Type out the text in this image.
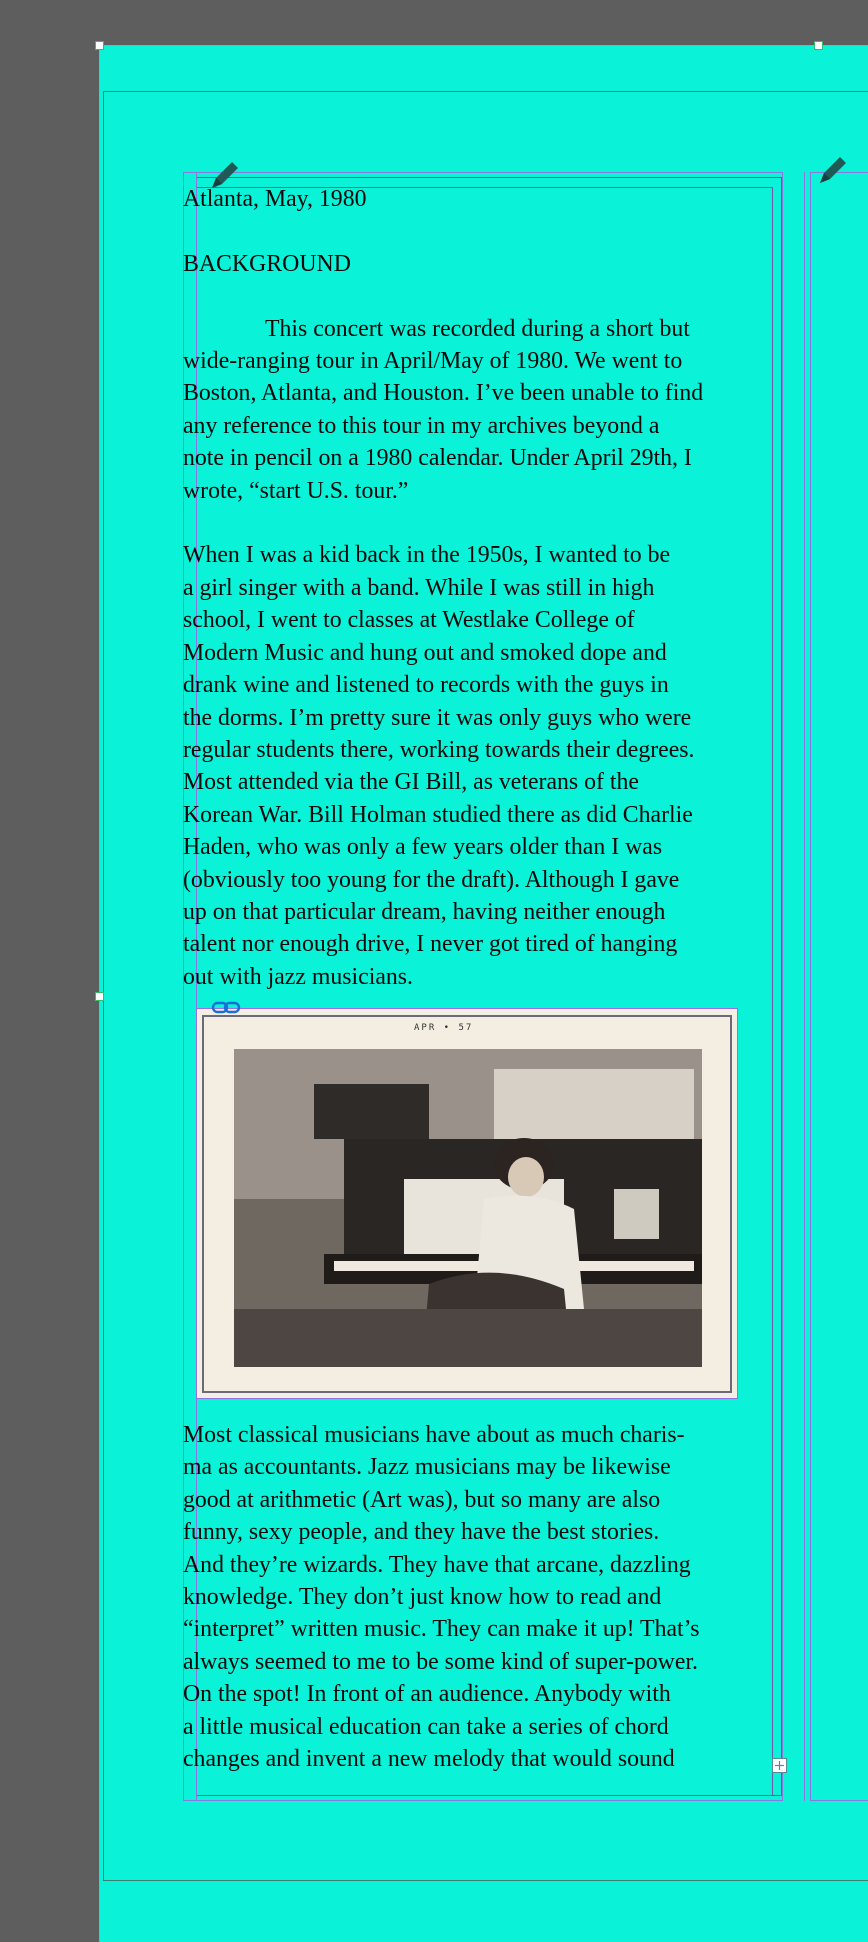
Atlanta, May, 1980

BACKGROUND

This concert was recorded during a short but

wide-ranging tour in April/May of 1980. We went to

Boston, Atlanta, and Houston. I’ve been unable to find

any reference to this tour in my archives beyond a

note in pencil on a 1980 calendar. Under April 29th, I

wrote, “start U.S. tour.”

When I was a kid back in the 1950s, I wanted to be

a girl singer with a band. While I was still in high

school, I went to classes at Westlake College of

Modern Music and hung out and smoked dope and

drank wine and listened to records with the guys in

the dorms. I’m pretty sure it was only guys who were

regular students there, working towards their degrees.

Most attended via the GI Bill, as veterans of the

Korean War. Bill Holman studied there as did Charlie

Haden, who was only a few years older than I was

(obviously too young for the draft). Although I gave

up on that particular dream, having neither enough

talent nor enough drive, I never got tired of hanging

out with jazz musicians.

APR • 57

Most classical musicians have about as much charis-

ma as accountants. Jazz musicians may be likewise

good at arithmetic (Art was), but so many are also

funny, sexy people, and they have the best stories.

And they’re wizards. They have that arcane, dazzling

knowledge. They don’t just know how to read and

“interpret” written music. They can make it up! That’s

always seemed to me to be some kind of super-power.

On the spot! In front of an audience. Anybody with

a little musical education can take a series of chord

changes and invent a new melody that would sound
